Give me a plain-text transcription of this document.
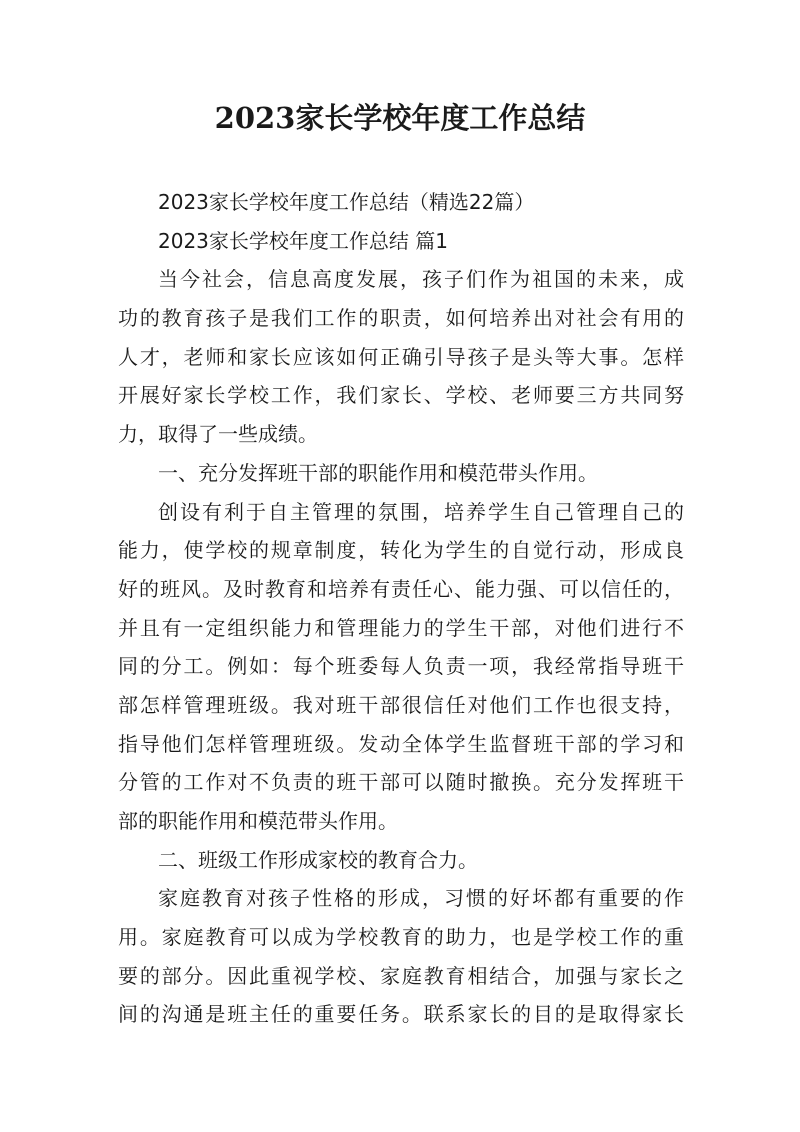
2023家长学校年度工作总结
2023家长学校年度工作总结（精选22篇）
2023家长学校年度工作总结 篇1
当今社会，信息高度发展，孩子们作为祖国的未来，成
功的教育孩子是我们工作的职责，如何培养出对社会有用的
人才，老师和家长应该如何正确引导孩子是头等大事。怎样
开展好家长学校工作，我们家长、学校、老师要三方共同努
力，取得了一些成绩。
一、充分发挥班干部的职能作用和模范带头作用。
创设有利于自主管理的氛围，培养学生自己管理自己的
能力，使学校的规章制度，转化为学生的自觉行动，形成良
好的班风。及时教育和培养有责任心、能力强、可以信任的，
并且有一定组织能力和管理能力的学生干部，对他们进行不
同的分工。例如：每个班委每人负责一项，我经常指导班干
部怎样管理班级。我对班干部很信任对他们工作也很支持，
指导他们怎样管理班级。发动全体学生监督班干部的学习和
分管的工作对不负责的班干部可以随时撤换。充分发挥班干
部的职能作用和模范带头作用。
二、班级工作形成家校的教育合力。
家庭教育对孩子性格的形成，习惯的好坏都有重要的作
用。家庭教育可以成为学校教育的助力，也是学校工作的重
要的部分。因此重视学校、家庭教育相结合，加强与家长之
间的沟通是班主任的重要任务。联系家长的目的是取得家长
